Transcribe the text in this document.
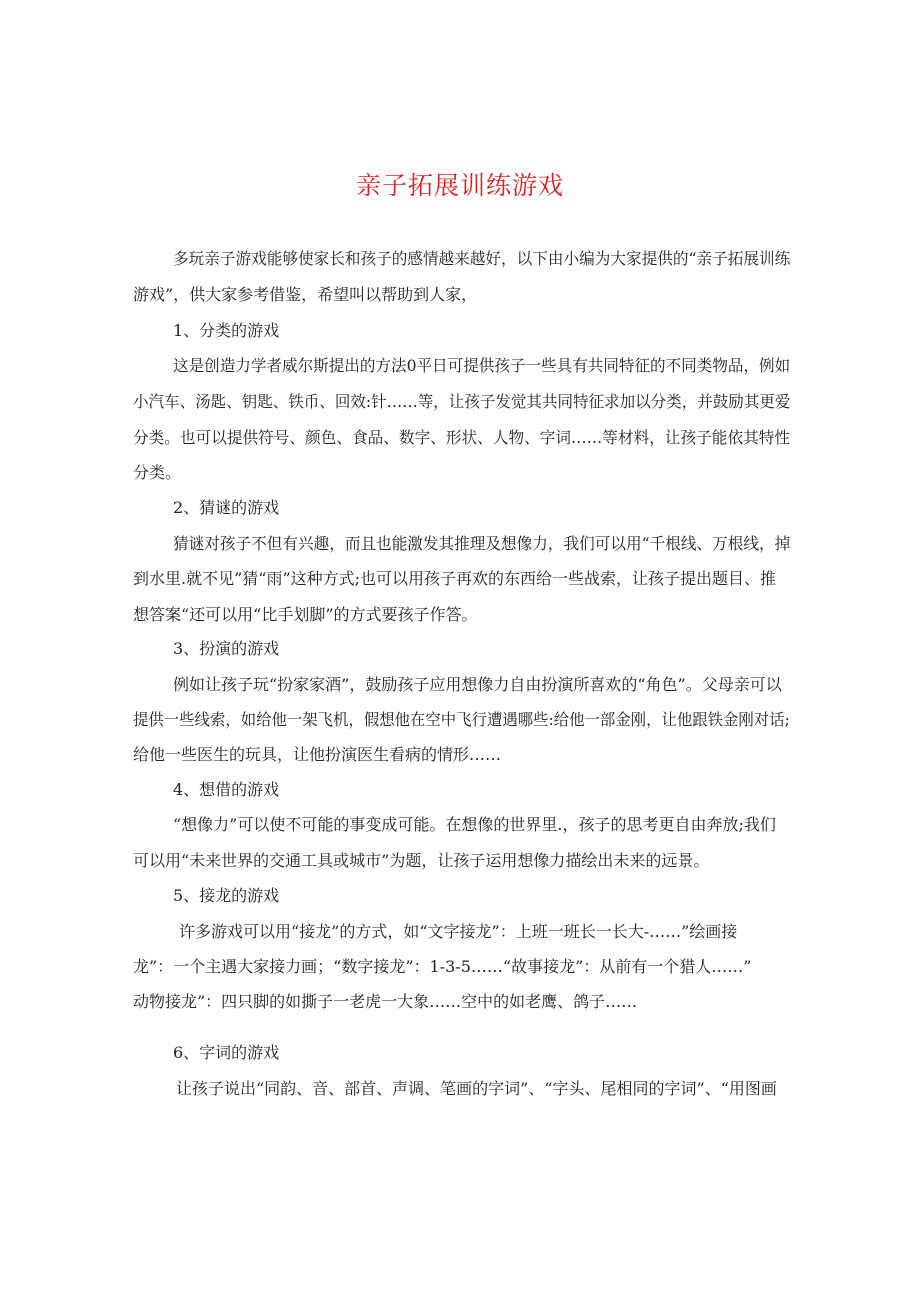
亲子拓展训练游戏
多玩亲子游戏能够使家长和孩子的感情越来越好，以下由小编为大家提供的“亲子拓展训练
游戏”，供大家参考借鉴，希望叫以帮助到人家，
1、分类的游戏
这是创造力学者威尔斯提出的方法0平日可提供孩子一些具有共同特征的不同类物品，例如
小汽车、汤匙、钥匙、铁币、回效:针……等，让孩子发觉其共同特征求加以分类，并鼓励其更爱
分类。也可以提供符号、颜色、食品、数字、形状、人物、字词……等材料，让孩子能依其特性
分类。
2、猜谜的游戏
猜谜对孩子不但有兴趣，而且也能激发其推理及想像力，我们可以用“千根线、万根线，掉
到水里.就不见”猜“雨”这种方式;也可以用孩子再欢的东西给一些战索，让孩子提出题目、推
想答案“还可以用“比手划脚”的方式要孩子作答。
3、扮演的游戏
例如让孩子玩“扮家家酒”，鼓励孩子应用想像力自由扮演所喜欢的“角色”。父母亲可以
提供一些线索，如给他一架飞机，假想他在空中飞行遭遇哪些:给他一部金刚，让他跟铁金刚对话;
给他一些医生的玩具，让他扮演医生看病的情形……
4、想借的游戏
“想像力”可以使不可能的事变成可能。在想像的世界里.，孩子的思考更自由奔放;我们
可以用“未来世界的交通工具或城市”为题，让孩子运用想像力描绘出未来的远景。
5、接龙的游戏
许多游戏可以用“接龙”的方式，如“文字接龙”：上班一班长一长大-……”绘画接
龙”：一个主遇大家接力画；“数字接龙”：1-3-5……“故事接龙”：从前有一个猎人……”
动物接龙”：四只脚的如撕子一老虎一大象……空中的如老鹰、鸽子……
6、字词的游戏
让孩子说出“同韵、音、部首、声调、笔画的字词”、“字头、尾相同的字词”、“用图画
